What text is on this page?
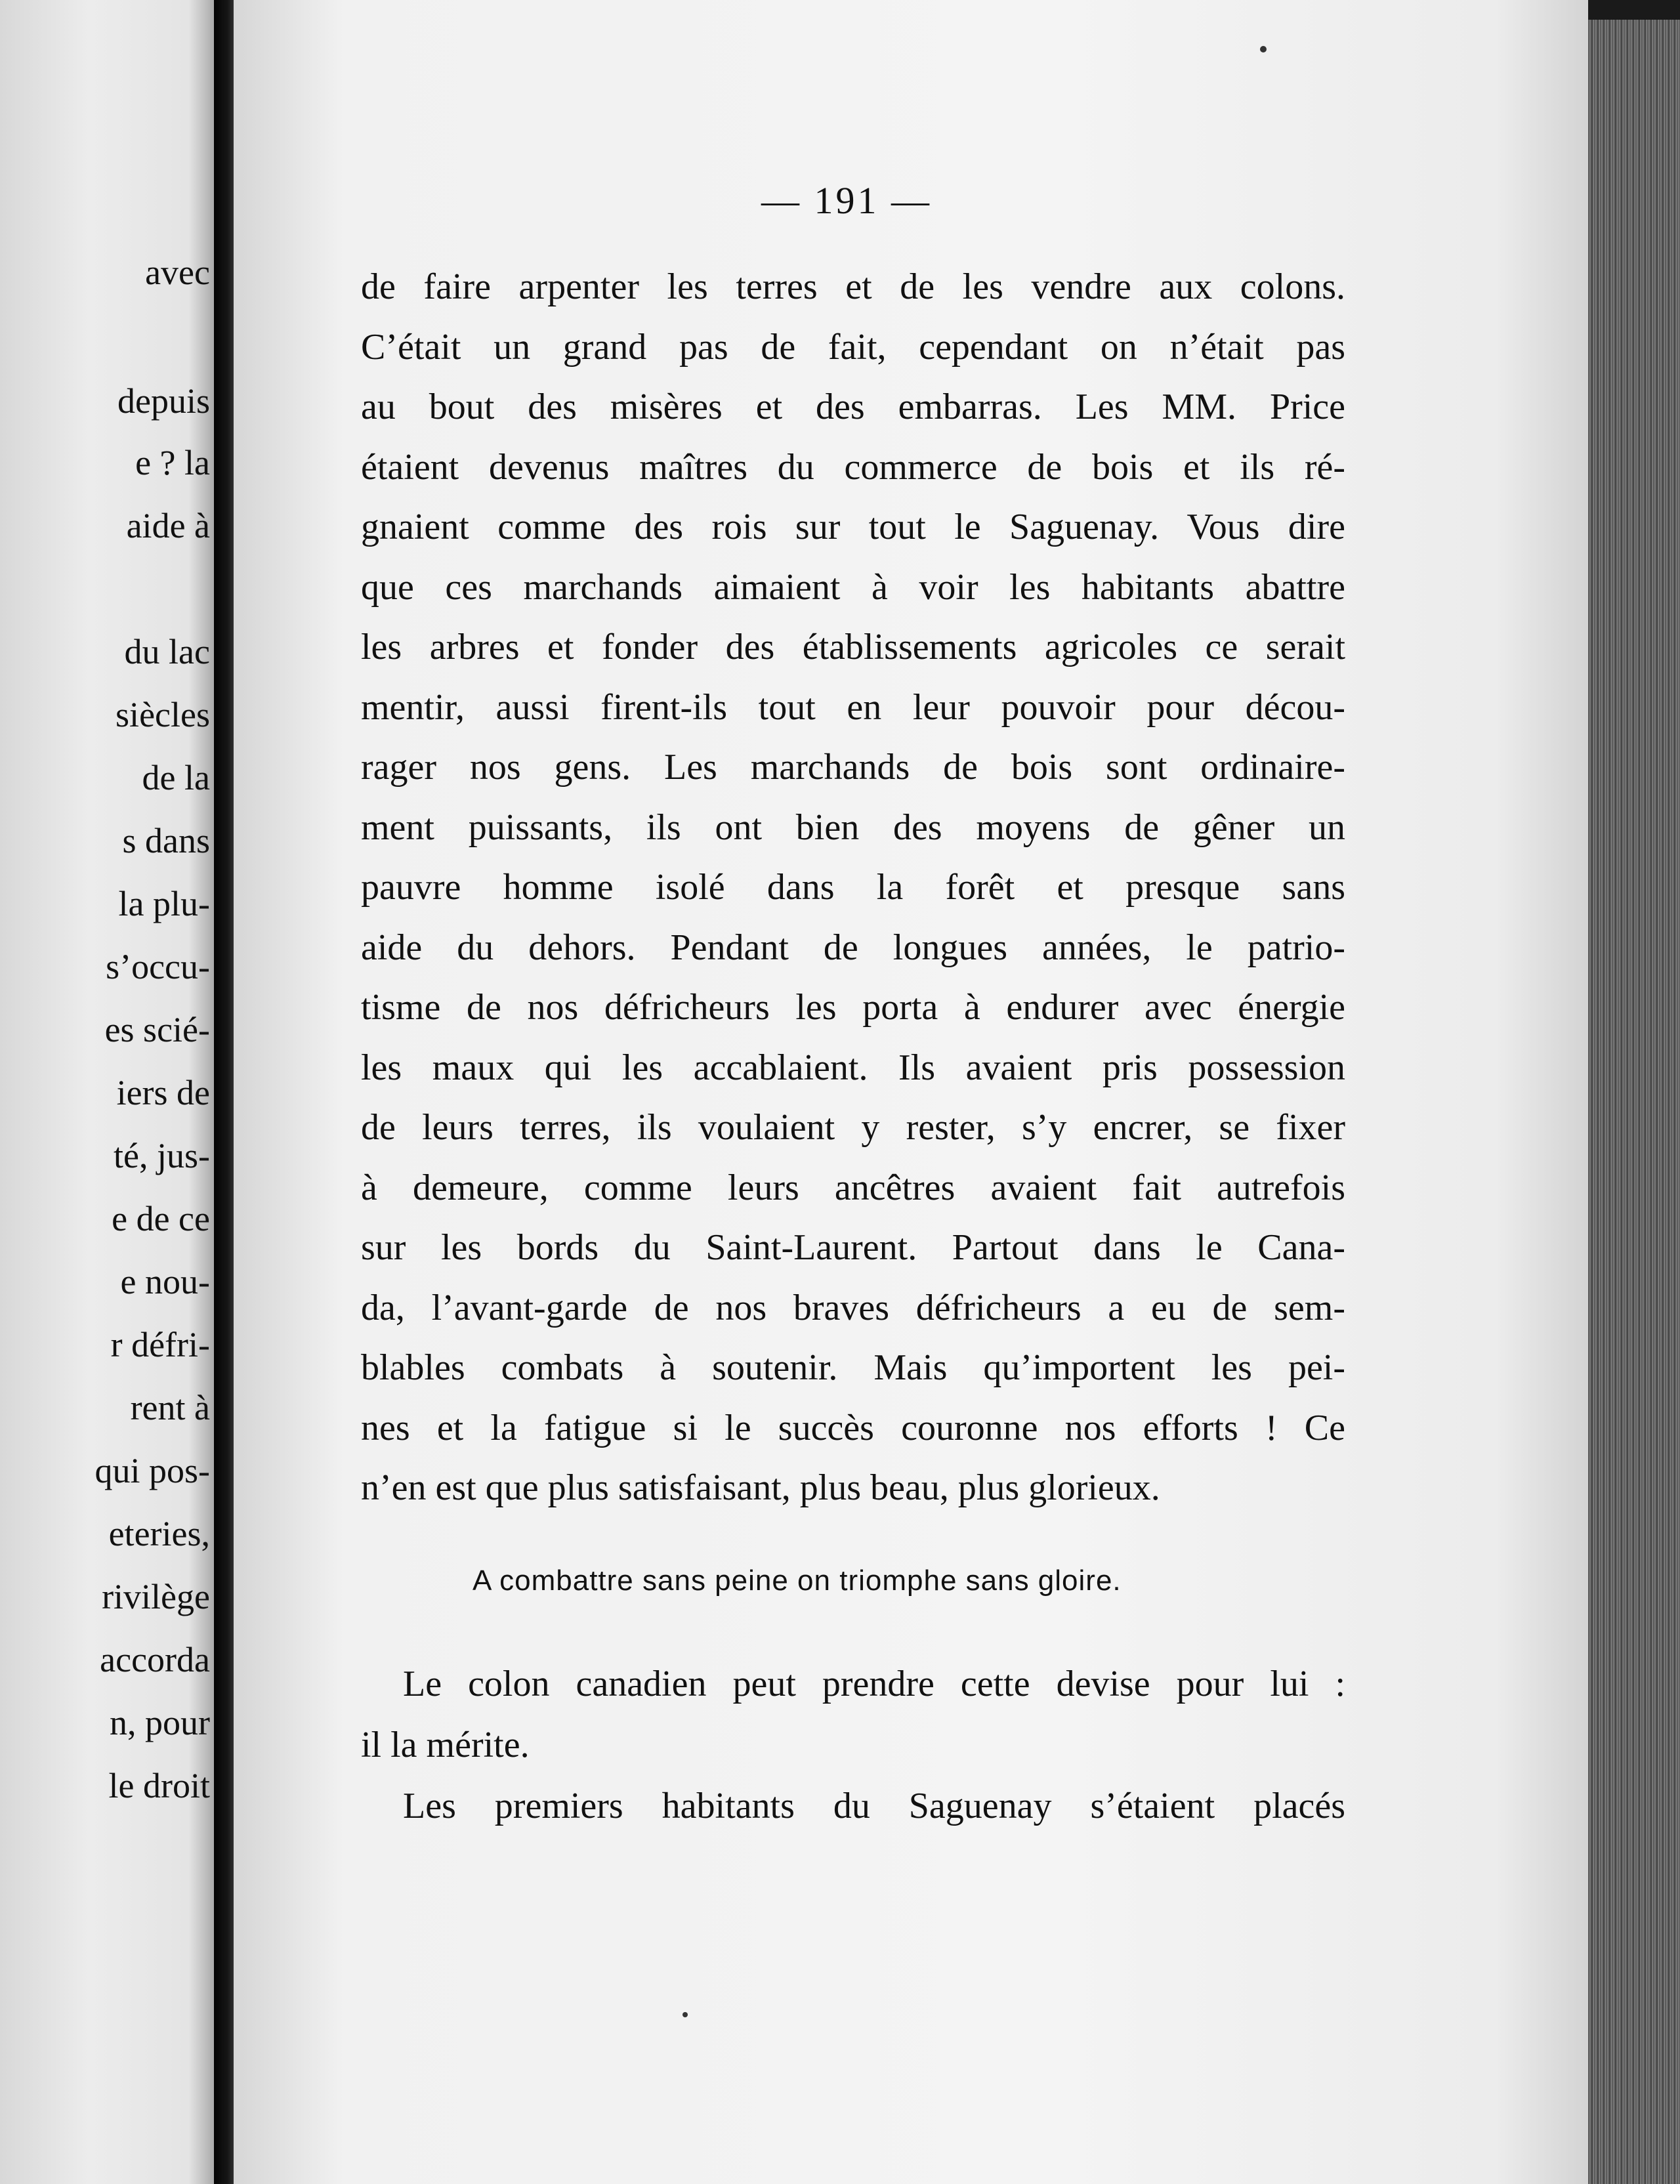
avec
depuis
e ? la
aide à
du lac
siècles
de la
s dans
la plu-
s’occu-
es scié-
iers de
té, jus-
e de ce
e nou-
r défri-
rent à
qui pos-
eteries,
rivilège
accorda
n, pour
le droit
— 191 —
de faire arpenter les terres et de les vendre aux colons.
C’était un grand pas de fait, cependant on n’était pas
au bout des misères et des embarras. Les MM. Price
étaient devenus maîtres du commerce de bois et ils ré-
gnaient comme des rois sur tout le Saguenay. Vous dire
que ces marchands aimaient à voir les habitants abattre
les arbres et fonder des établissements agricoles ce serait
mentir, aussi firent-ils tout en leur pouvoir pour décou-
rager nos gens. Les marchands de bois sont ordinaire-
ment puissants, ils ont bien des moyens de gêner un
pauvre homme isolé dans la forêt et presque sans
aide du dehors. Pendant de longues années, le patrio-
tisme de nos défricheurs les porta à endurer avec énergie
les maux qui les accablaient. Ils avaient pris possession
de leurs terres, ils voulaient y rester, s’y encrer, se fixer
à demeure, comme leurs ancêtres avaient fait autrefois
sur les bords du Saint-Laurent. Partout dans le Cana-
da, l’avant-garde de nos braves défricheurs a eu de sem-
blables combats à soutenir. Mais qu’importent les pei-
nes et la fatigue si le succès couronne nos efforts ! Ce
n’en est que plus satisfaisant, plus beau, plus glorieux.
A combattre sans peine on triomphe sans gloire.
Le colon canadien peut prendre cette devise pour lui :
il la mérite.
Les premiers habitants du Saguenay s’étaient placés
